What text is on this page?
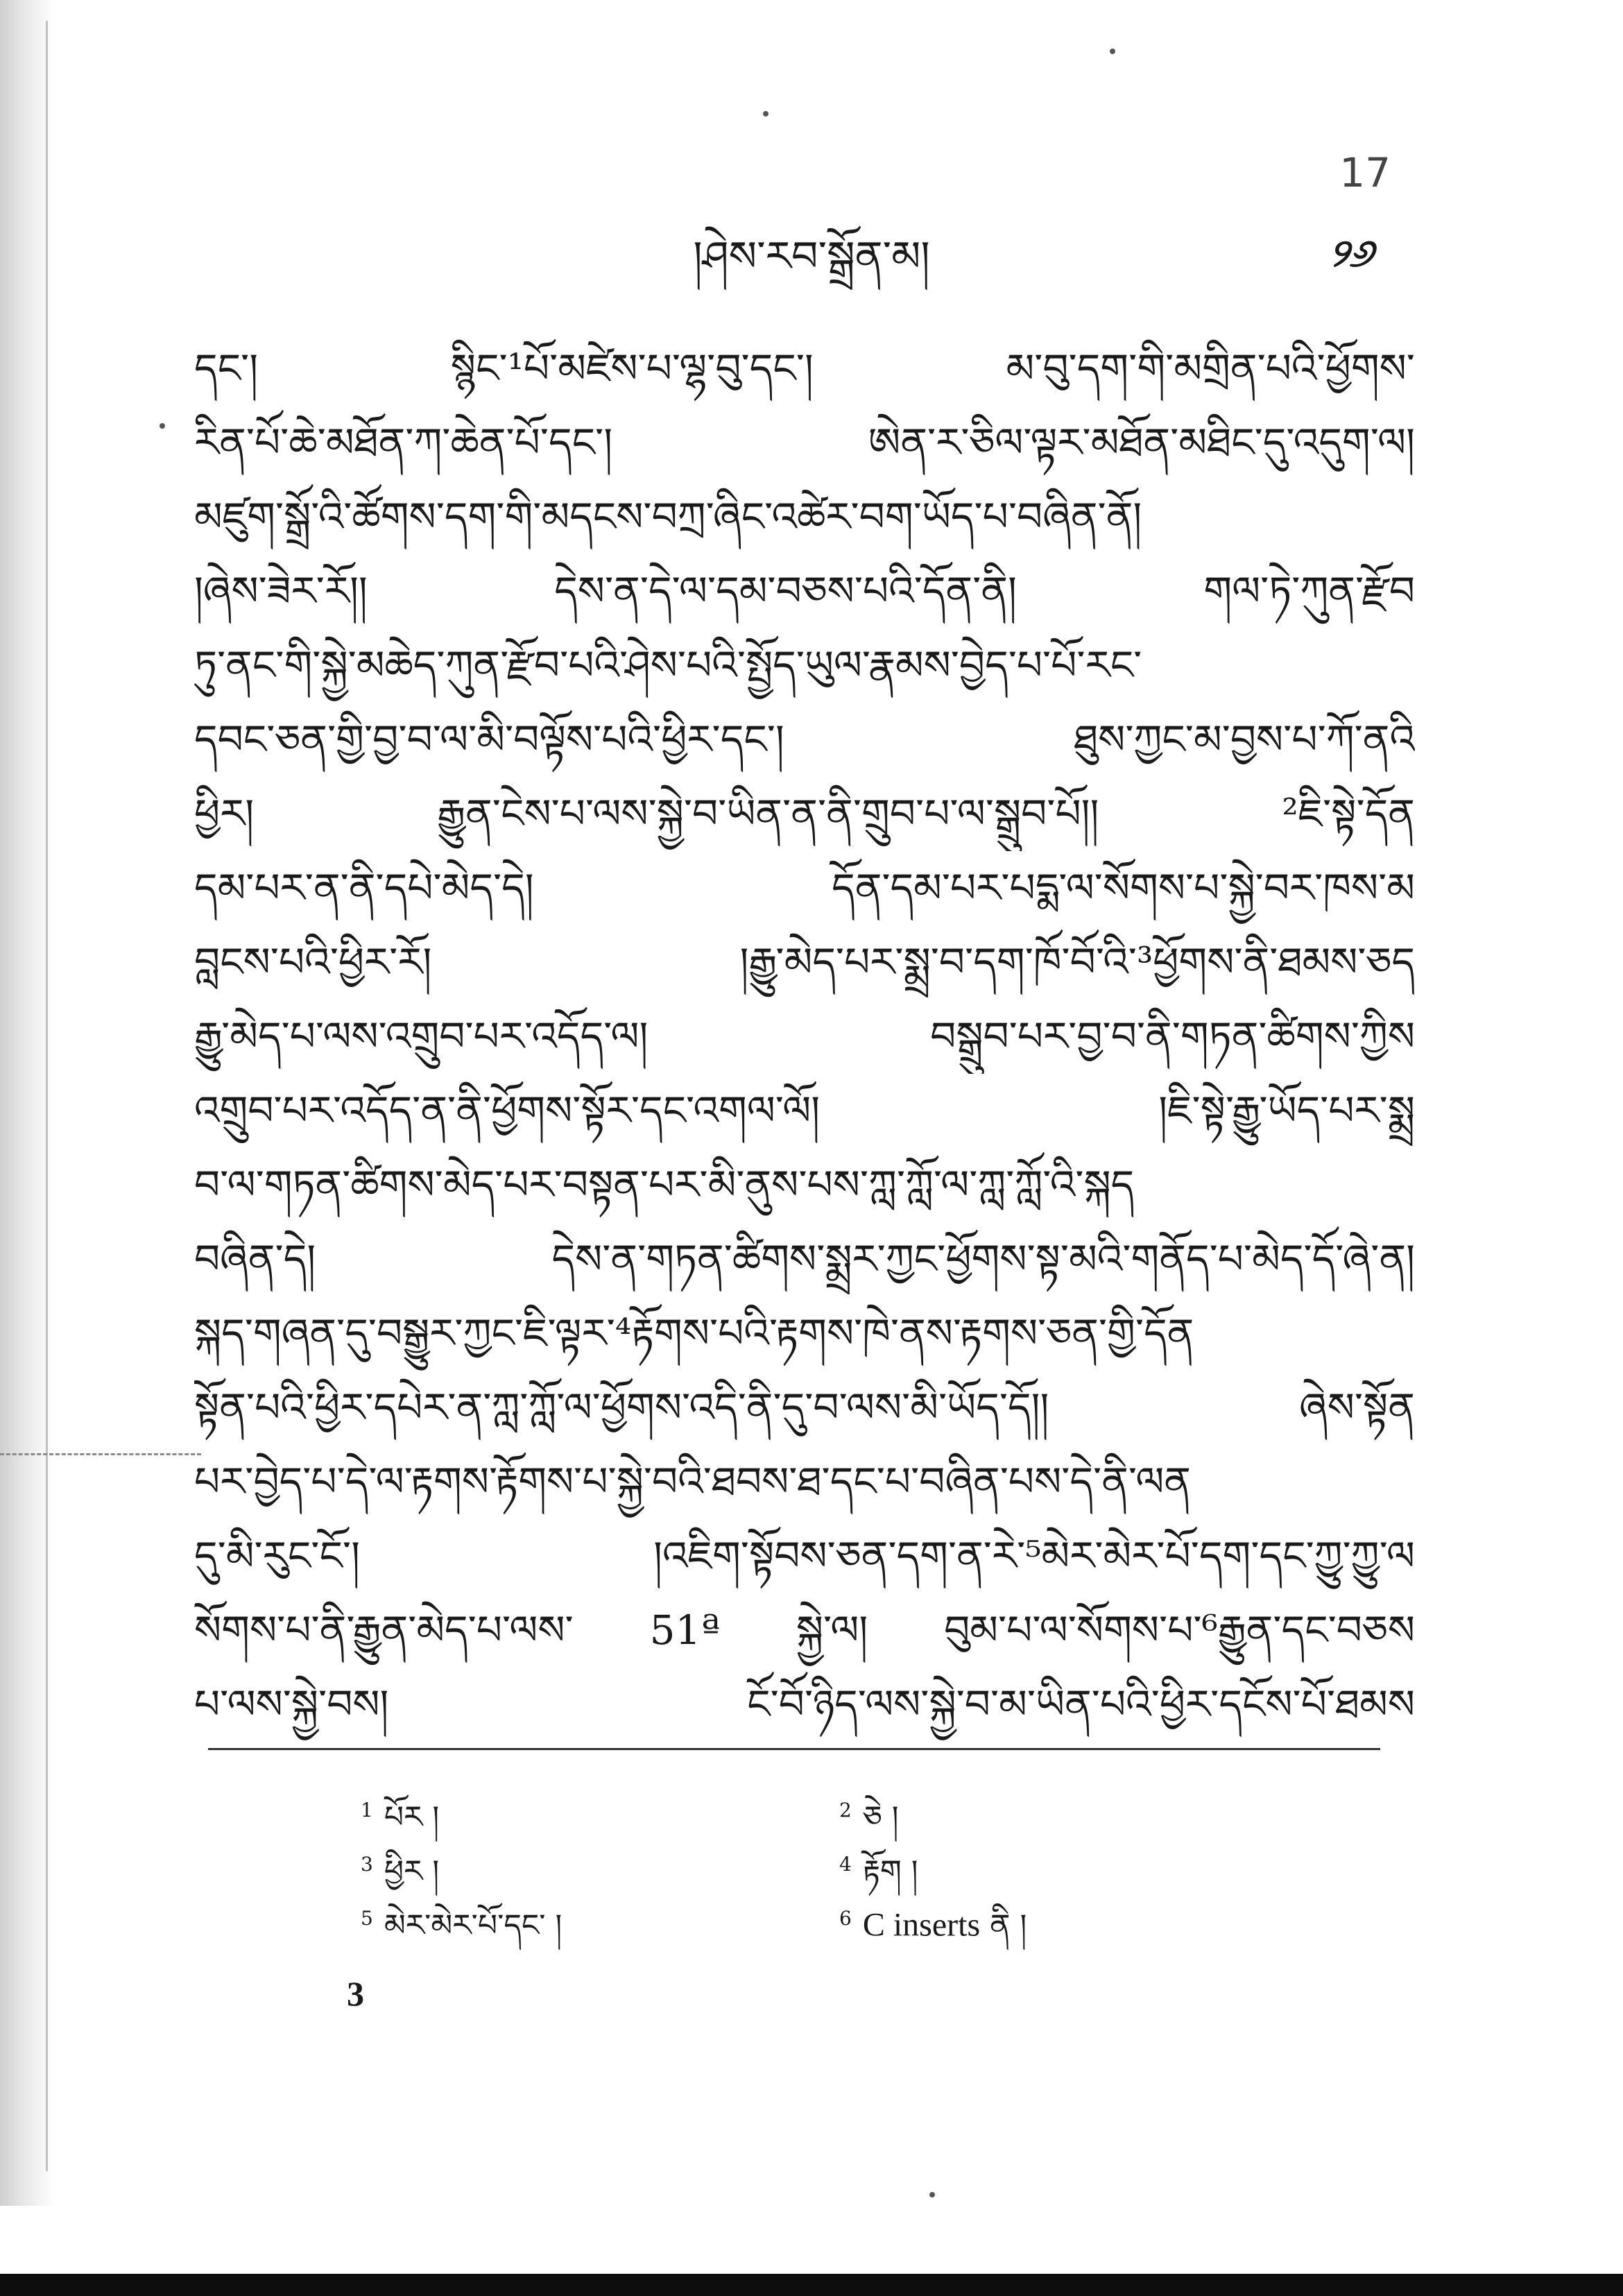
17
།ཤེས་རབ་སྒྲོན་མ།	୨୬
དང་། སྙིང་¹པོ་མཛེས་པ་ལྷ་བུ་དང་། མ་བུ་དག་གི་མགྲིན་པའི་ཕྱོགས་
རིན་པོ་ཆེ་མཐོན་ཀ་ཆེན་པོ་དང་། ཨེན་ར་ཅིལ་ལྟར་མཐོན་མཐིང་དུ་འདུག་ལ།
མཛུག་སྒྲོ་འི་ཚོགས་དག་གི་མདངས་བཀྲ་ཞིང་འཚེར་བག་ཡོད་པ་བཞིན་ནོ།
།ཞེས་ཟེར་རོ།། དེས་ན་དེ་ལ་དམ་བཅས་པའི་དོན་ནི། གལ་ཏེ་ཀུན་རྫོབ
ཏུ་ནང་གི་སྐྱེ་མཆེད་ཀུན་རྫོབ་པའི་ཤེས་པའི་སྤྱོད་ཡུལ་རྣམས་བྱེད་པ་པོ་རང་
དབང་ཅན་གྱི་བྱ་བ་ལ་མི་བལྟོས་པའི་ཕྱིར་དང་། ཐུས་ཀྱང་མ་བྱས་པ་ཀོ་ནའི
ཕྱིར། རྒྱུན་ངེས་པ་ལས་སྐྱེ་བ་ཡིན་ན་ནི་གྲུབ་པ་ལ་སྒྲུབ་པོ།། ²ཇི་སྟེ་དོན
དམ་པར་ན་ནི་དཔེ་མེད་དེ། དོན་དམ་པར་པདྨ་ལ་སོགས་པ་སྐྱེ་བར་ཁས་མ
བླངས་པའི་ཕྱིར་རོ། །རྒྱུ་མེད་པར་སྨྲ་བ་དག་ཁོ་བོ་འི་³ཕྱོགས་ནི་ཐམས་ཅད
རྒྱུ་མེད་པ་ལས་འགྲུབ་པར་འདོད་ལ། བསྒྲུབ་པར་བྱ་བ་ནི་གཏན་ཚིགས་ཀྱིས
འགྲུབ་པར་འདོད་ན་ནི་ཕྱོགས་སྟོར་དང་འགལ་ལོ། །ཇི་སྟེ་རྒྱུ་ཡོད་པར་སྨྲ
བ་ལ་གཏན་ཚིགས་མེད་པར་བསྟན་པར་མི་ནུས་པས་ཀླ་ཀློ་ལ་ཀླ་ཀློ་འི་སྐད
བཞིན་དེ། དེས་ན་གཏན་ཚིགས་སྨྲར་ཀྱང་ཕྱོགས་སྟ་མའི་གནོད་པ་མེད་དོ་ཞེ་ན།
སྐད་གཞན་དུ་བསྒྱུར་ཀྱང་ཇི་ལྟར་⁴རྟོགས་པའི་རྟགས་ཁེ་ནས་རྟགས་ཅན་གྱི་དོན
སྟོན་པའི་ཕྱིར་དཔེར་ན་ཀླ་ཀློ་ལ་ཕྱོགས་འདི་ནི་དུ་བ་ལས་མི་ཡོད་དོ།། ཞེས་སྟོན
པར་བྱེད་པ་དེ་ལ་རྟགས་རྟོགས་པ་སྐྱེ་བའི་ཐབས་ཐ་དང་པ་བཞིན་པས་དེ་ནི་ལན
དུ་མི་རུང་ངོ་། །འཇིག་སྟོབས་ཅན་དག་ན་རེ་⁵མེར་མེར་པོ་དག་དང་ཀྱུ་ཀྱུ་ལ
སོགས་པ་ནི་རྒྱུན་མེད་པ་ལས་ 51ª སྐྱེ་ལ། བུམ་པ་ལ་སོགས་པ་⁶རྒྱུན་དང་བཅས
པ་ལས་སྐྱེ་བས། ངོ་བོ་ཉིད་ལས་སྐྱེ་བ་མ་ཡིན་པའི་ཕྱིར་དངོས་པོ་ཐམས
$^1$ པོར །	$^2$ ཅེ །
$^3$ ཕྱིར །	$^4$ རྟོག །
$^5$ མེར་མེར་པོ་དང་ །	$^6$ C inserts ནི །
3
